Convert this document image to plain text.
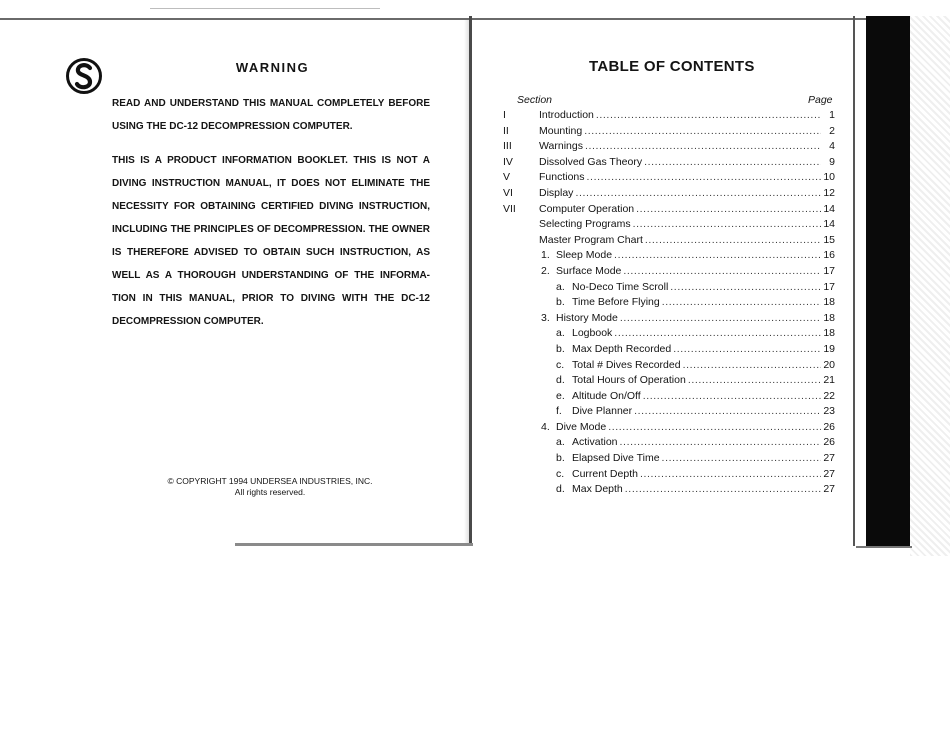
WARNING

READ AND UNDERSTAND THIS MANUAL COMPLETELY BEFORE
USING THE DC-12 DECOMPRESSION COMPUTER.

THIS IS A PRODUCT INFORMATION BOOKLET. THIS IS NOT A
DIVING INSTRUCTION MANUAL, IT DOES NOT ELIMINATE THE
NECESSITY FOR OBTAINING CERTIFIED DIVING INSTRUCTION,
INCLUDING THE PRINCIPLES OF DECOMPRESSION. THE OWNER
IS THEREFORE ADVISED TO OBTAIN SUCH INSTRUCTION, AS
WELL AS A THOROUGH UNDERSTANDING OF THE INFORMA-
TION IN THIS MANUAL, PRIOR TO DIVING WITH THE DC-12
DECOMPRESSION COMPUTER.

© COPYRIGHT 1994 UNDERSEA INDUSTRIES, INC.
All rights reserved.
TABLE OF CONTENTS
Section	Page
I	Introduction .....	1
II	Mounting .....	2
III	Warnings .....	4
IV	Dissolved Gas Theory .....	9
V	Functions .....	10
VI	Display .....	12
VII	Computer Operation .....	14
Selecting Programs .....	14
Master Program Chart .....	15
1. Sleep Mode .....	16
2. Surface Mode .....	17
a. No-Deco Time Scroll .....	17
b. Time Before Flying .....	18
3. History Mode .....	18
a. Logbook .....	18
b. Max Depth Recorded .....	19
c. Total # Dives Recorded .....	20
d. Total Hours of Operation .....	21
e. Altitude On/Off .....	22
f. Dive Planner .....	23
4. Dive Mode .....	26
a. Activation .....	26
b. Elapsed Dive Time .....	27
c. Current Depth .....	27
d. Max Depth .....	27
